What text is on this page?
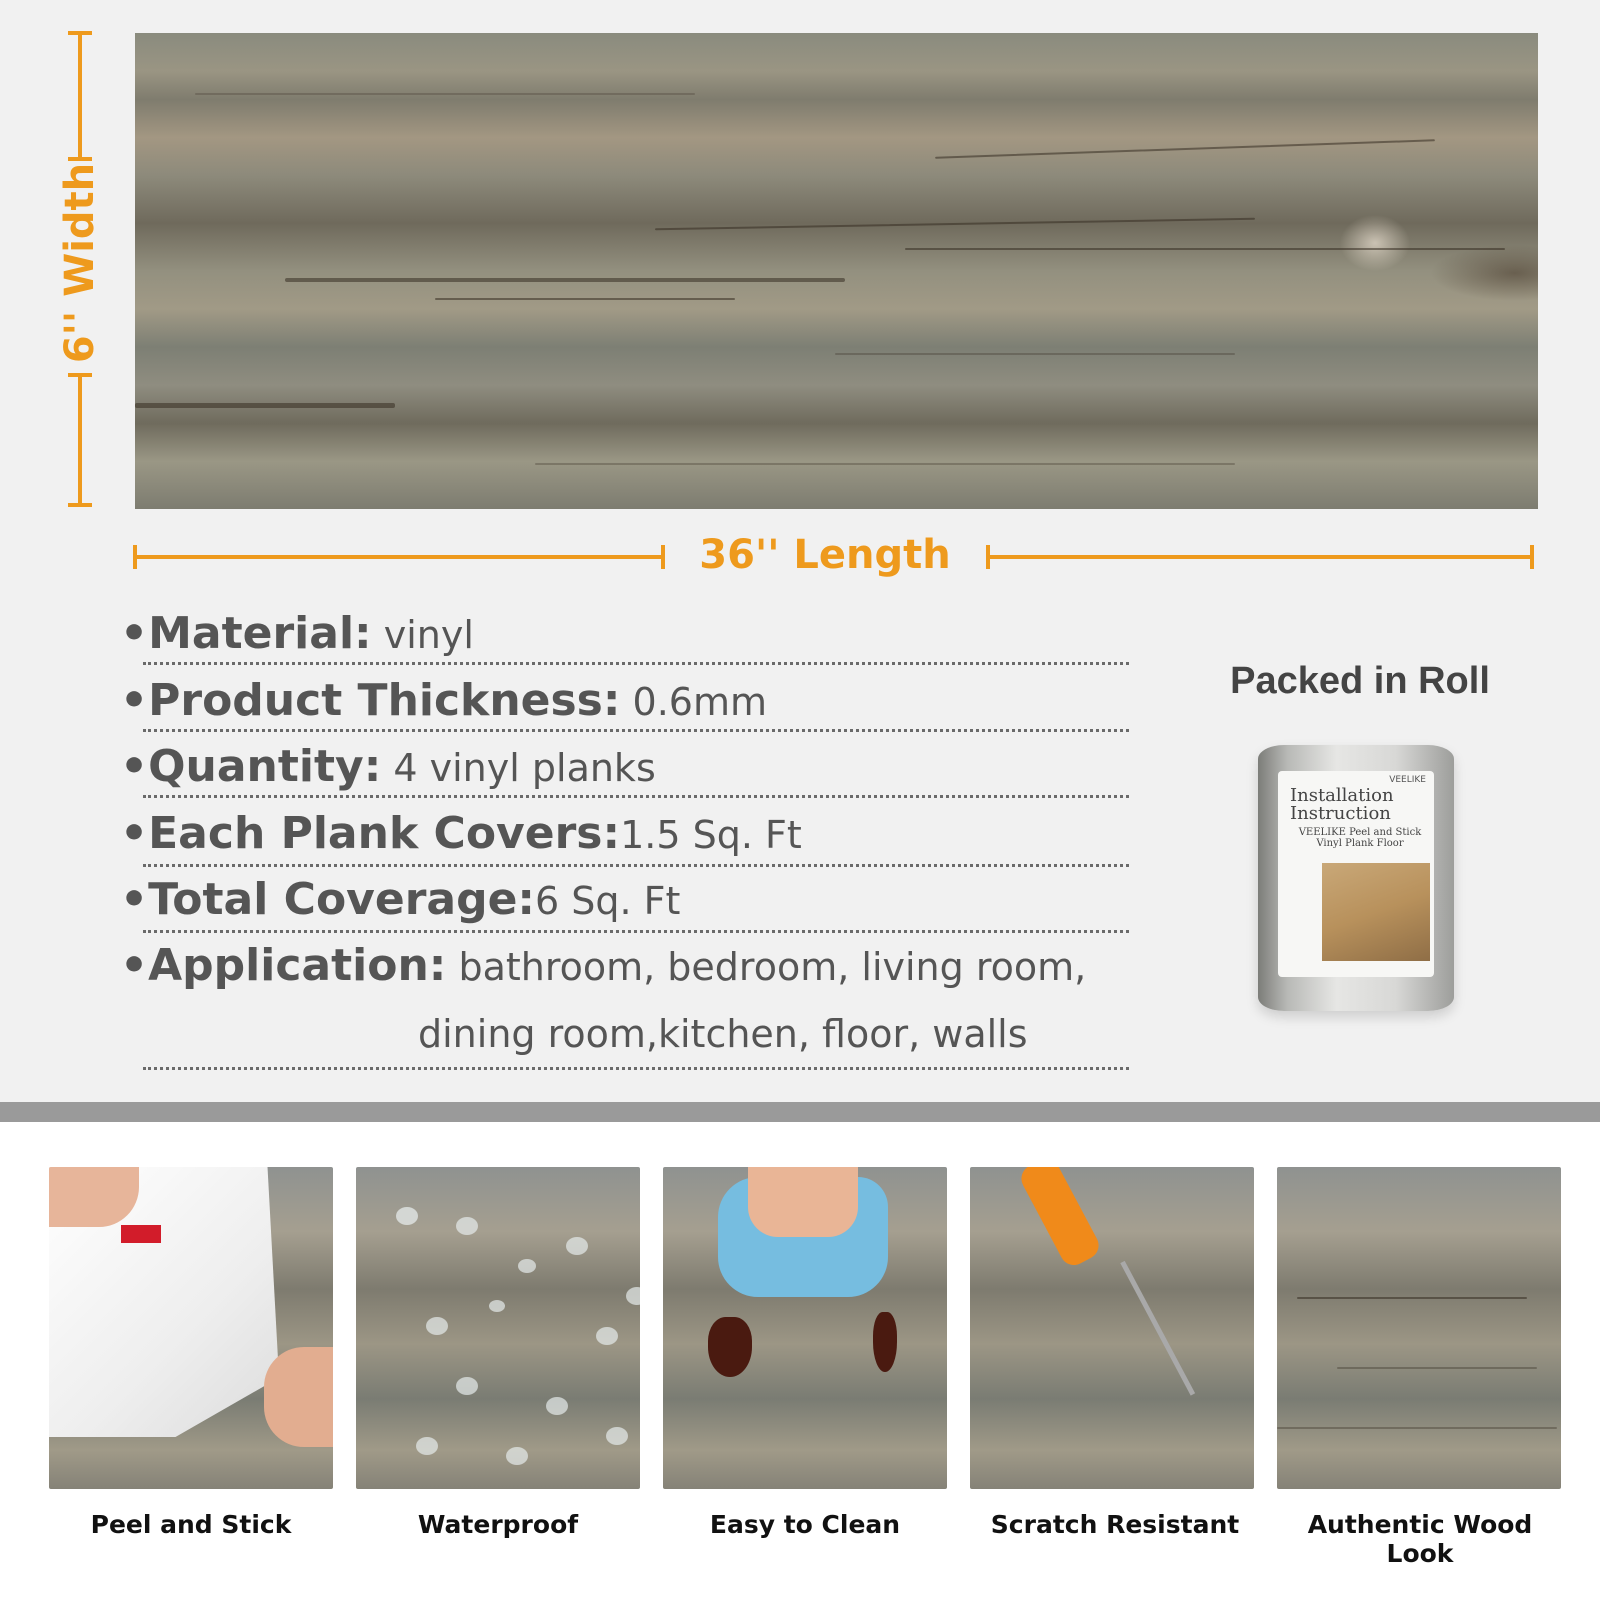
6'' Width
36'' Length
•Material: vinyl
•Product Thickness: 0.6mm
•Quantity: 4 vinyl planks
•Each Plank Covers:1.5 Sq. Ft
•Total Coverage:6 Sq. Ft
•Application: bathroom, bedroom, living room,
dining room,kitchen, floor, walls
Packed in Roll
VEELIKE
Installation Instruction
VEELIKE Peel and Stick Vinyl Plank Floor
Peel and Stick	Waterproof	Easy to Clean	Scratch Resistant	Authentic Wood Look
